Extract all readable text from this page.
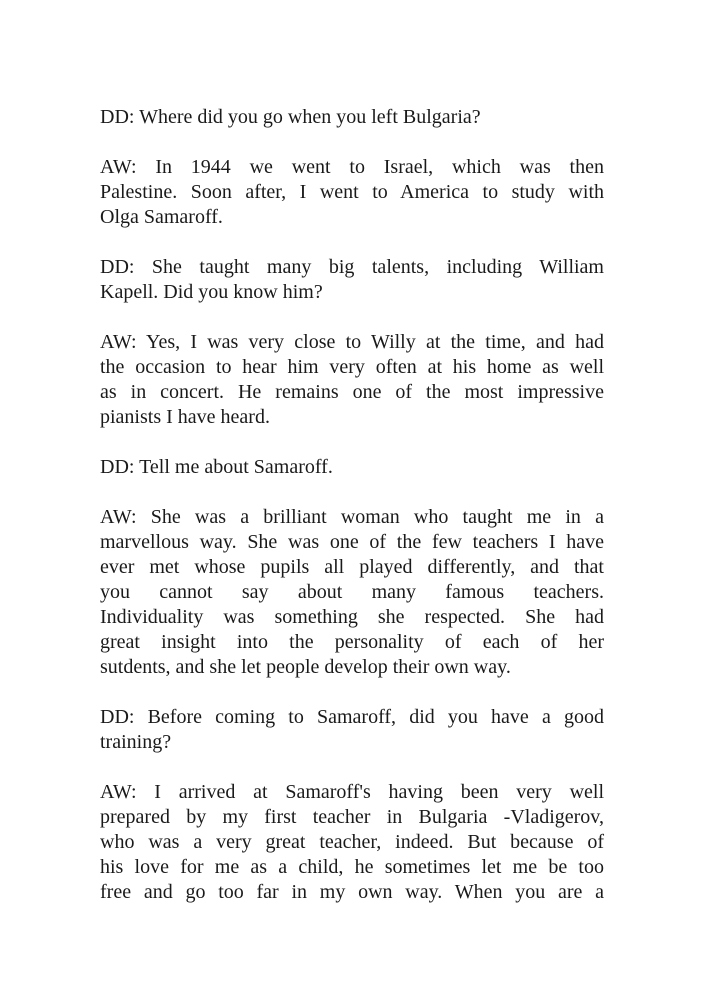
DD: Where did you go when you left Bulgaria?
AW: In 1944 we went to Israel, which was then
Palestine. Soon after, I went to America to study with
Olga Samaroff.
DD: She taught many big talents, including William
Kapell. Did you know him?
AW: Yes, I was very close to Willy at the time, and had
the occasion to hear him very often at his home as well
as in concert. He remains one of the most impressive
pianists I have heard.
DD: Tell me about Samaroff.
AW: She was a brilliant woman who taught me in a
marvellous way. She was one of the few teachers I have
ever met whose pupils all played differently, and that
you cannot say about many famous teachers.
Individuality was something she respected. She had
great insight into the personality of each of her
sutdents, and she let people develop their own way.
DD: Before coming to Samaroff, did you have a good
training?
AW: I arrived at Samaroff's having been very well
prepared by my first teacher in Bulgaria -Vladigerov,
who was a very great teacher, indeed. But because of
his love for me as a child, he sometimes let me be too
free and go too far in my own way. When you are a
